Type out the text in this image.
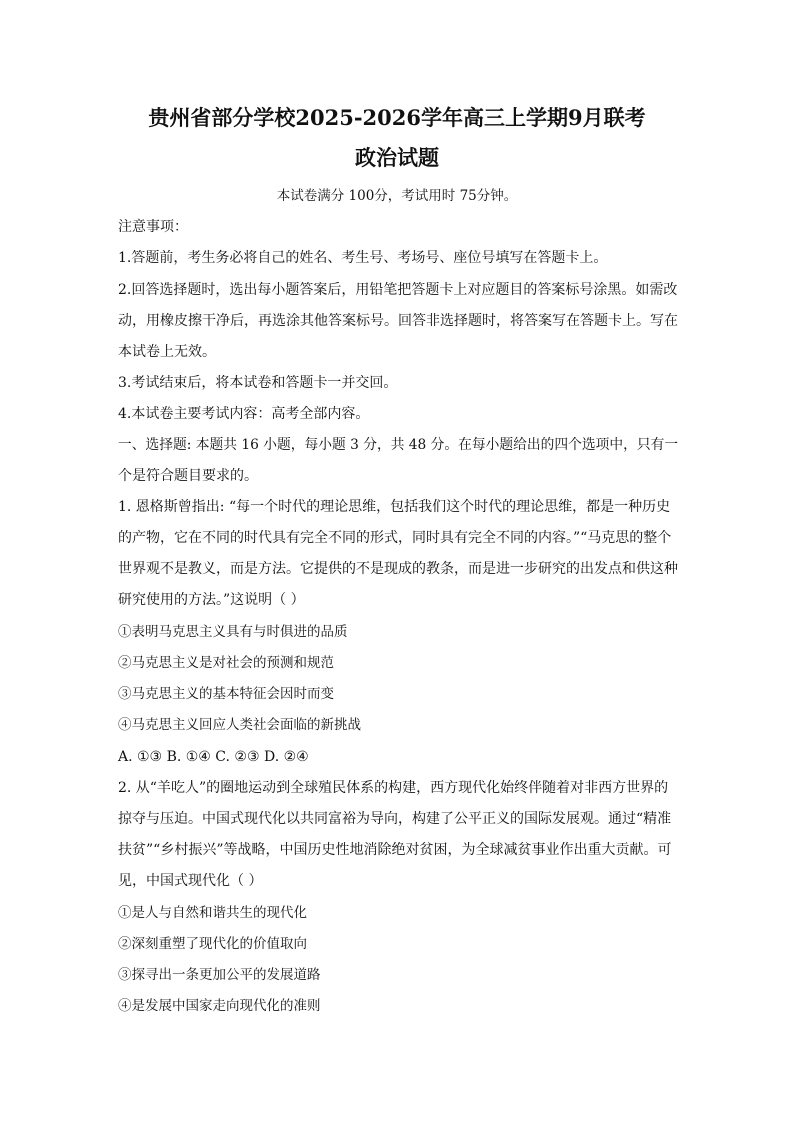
贵州省部分学校2025-2026学年高三上学期9月联考
政治试题
本试卷满分 100分，考试用时 75分钟。
注意事项：
1.答题前，考生务必将自己的姓名、考生号、考场号、座位号填写在答题卡上。
2.回答选择题时，选出每小题答案后，用铅笔把答题卡上对应题目的答案标号涂黑。如需改
动，用橡皮擦干净后，再选涂其他答案标号。回答非选择题时，将答案写在答题卡上。写在
本试卷上无效。
3.考试结束后，将本试卷和答题卡一并交回。
4.本试卷主要考试内容：高考全部内容。
一、选择题: 本题共 16 小题，每小题 3 分，共 48 分。在每小题给出的四个选项中，只有一
个是符合题目要求的。
1. 恩格斯曾指出: “每一个时代的理论思维，包括我们这个时代的理论思维，都是一种历史
的产物，它在不同的时代具有完全不同的形式，同时具有完全不同的内容。”“马克思的整个
世界观不是教义，而是方法。它提供的不是现成的教条，而是进一步研究的出发点和供这种
研究使用的方法。”这说明（ ）
①表明马克思主义具有与时俱进的品质
②马克思主义是对社会的预测和规范
③马克思主义的基本特征会因时而变
④马克思主义回应人类社会面临的新挑战
A. ①③ B. ①④ C. ②③ D. ②④
2. 从“羊吃人”的圈地运动到全球殖民体系的构建，西方现代化始终伴随着对非西方世界的
掠夺与压迫。中国式现代化以共同富裕为导向，构建了公平正义的国际发展观。通过“精准
扶贫”“乡村振兴”等战略，中国历史性地消除绝对贫困，为全球减贫事业作出重大贡献。可
见，中国式现代化（ ）
①是人与自然和谐共生的现代化
②深刻重塑了现代化的价值取向
③探寻出一条更加公平的发展道路
④是发展中国家走向现代化的准则
